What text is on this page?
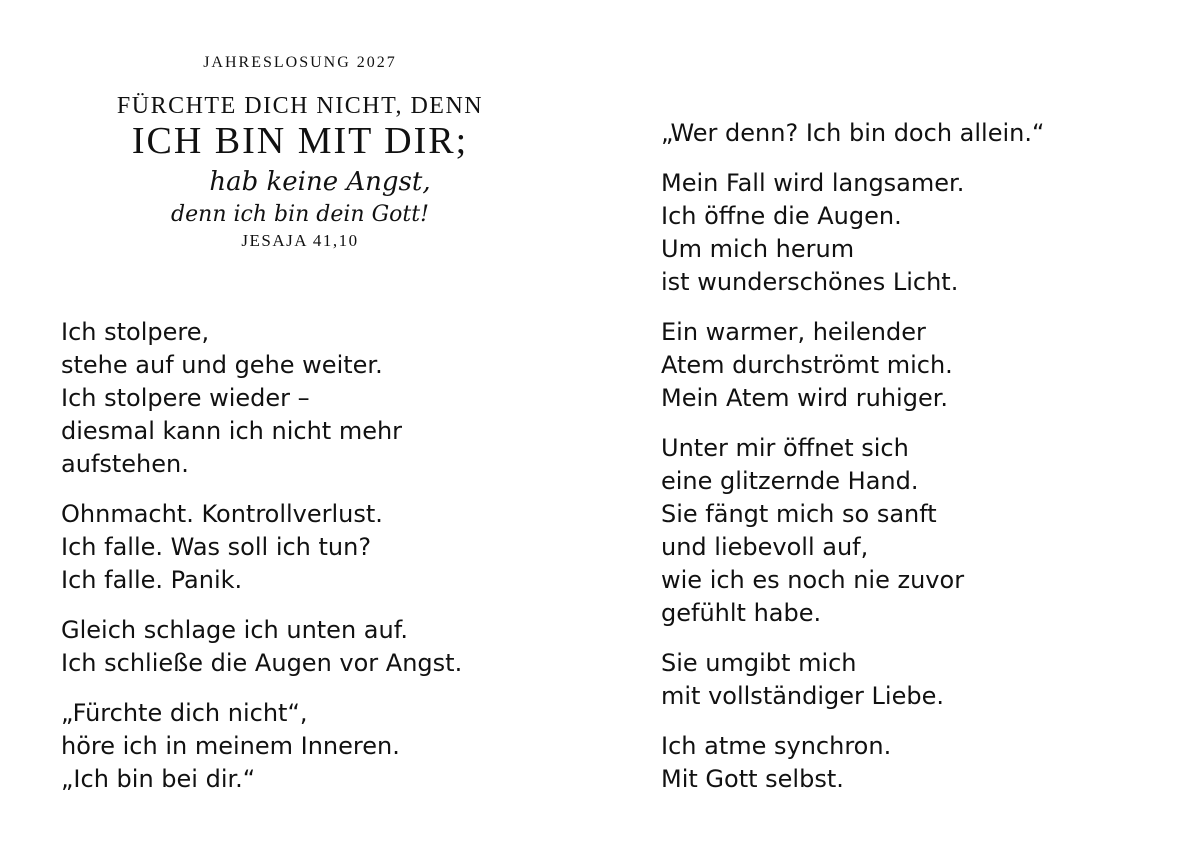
JAHRESLOSUNG 2027

FÜRCHTE DICH NICHT, DENN

ICH BIN MIT DIR;

hab keine Angst,

denn ich bin dein Gott!

JESAJA 41,10

Ich stolpere,

stehe auf und gehe weiter.

Ich stolpere wieder –

diesmal kann ich nicht mehr

aufstehen.

Ohnmacht. Kontrollverlust.

Ich falle. Was soll ich tun?

Ich falle. Panik.

Gleich schlage ich unten auf.

Ich schließe die Augen vor Angst.

„Fürchte dich nicht“,

höre ich in meinem Inneren.

„Ich bin bei dir.“

„Wer denn? Ich bin doch allein.“

Mein Fall wird langsamer.

Ich öffne die Augen.

Um mich herum

ist wunderschönes Licht.

Ein warmer, heilender

Atem durchströmt mich.

Mein Atem wird ruhiger.

Unter mir öffnet sich

eine glitzernde Hand.

Sie fängt mich so sanft

und liebevoll auf,

wie ich es noch nie zuvor

gefühlt habe.

Sie umgibt mich

mit vollständiger Liebe.

Ich atme synchron.

Mit Gott selbst.
